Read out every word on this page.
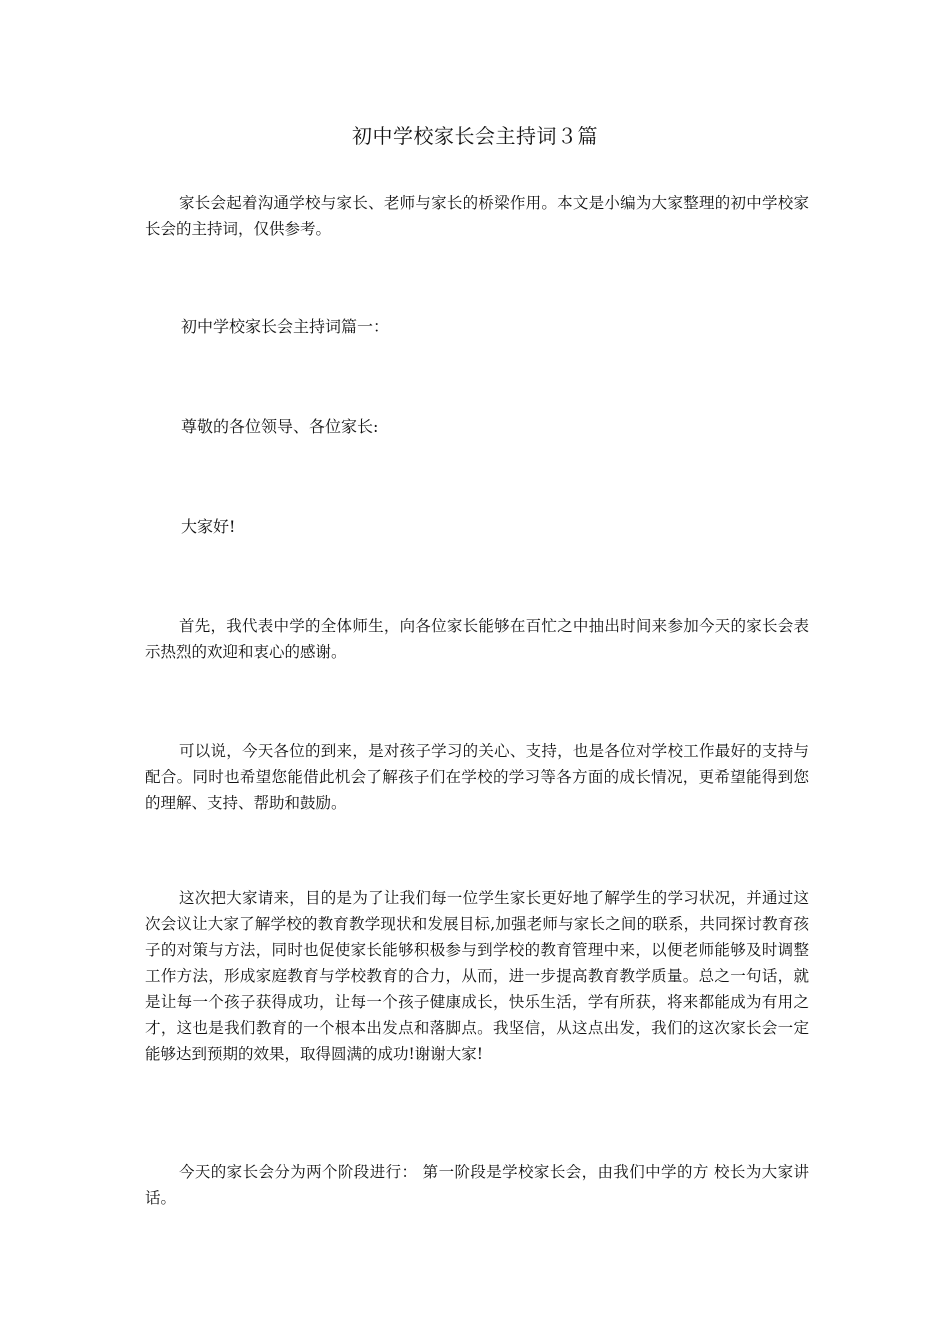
初中学校家长会主持词３篇

家长会起着沟通学校与家长、老师与家长的桥梁作用。本文是小编为大家整理的初中学校家长会的主持词，仅供参考。

初中学校家长会主持词篇一：

尊敬的各位领导、各位家长:

大家好!

首先，我代表中学的全体师生，向各位家长能够在百忙之中抽出时间来参加今天的家长会表示热烈的欢迎和衷心的感谢。

可以说，今天各位的到来，是对孩子学习的关心、支持，也是各位对学校工作最好的支持与配合。同时也希望您能借此机会了解孩子们在学校的学习等各方面的成长情况，更希望能得到您的理解、支持、帮助和鼓励。

这次把大家请来，目的是为了让我们每一位学生家长更好地了解学生的学习状况，并通过这次会议让大家了解学校的教育教学现状和发展目标,加强老师与家长之间的联系，共同探讨教育孩子的对策与方法，同时也促使家长能够积极参与到学校的教育管理中来，以便老师能够及时调整工作方法，形成家庭教育与学校教育的合力，从而，进一步提高教育教学质量。总之一句话，就是让每一个孩子获得成功，让每一个孩子健康成长，快乐生活，学有所获，将来都能成为有用之才，这也是我们教育的一个根本出发点和落脚点。我坚信，从这点出发，我们的这次家长会一定能够达到预期的效果，取得圆满的成功!谢谢大家!

今天的家长会分为两个阶段进行： 第一阶段是学校家长会，由我们中学的方 校长为大家讲话。
